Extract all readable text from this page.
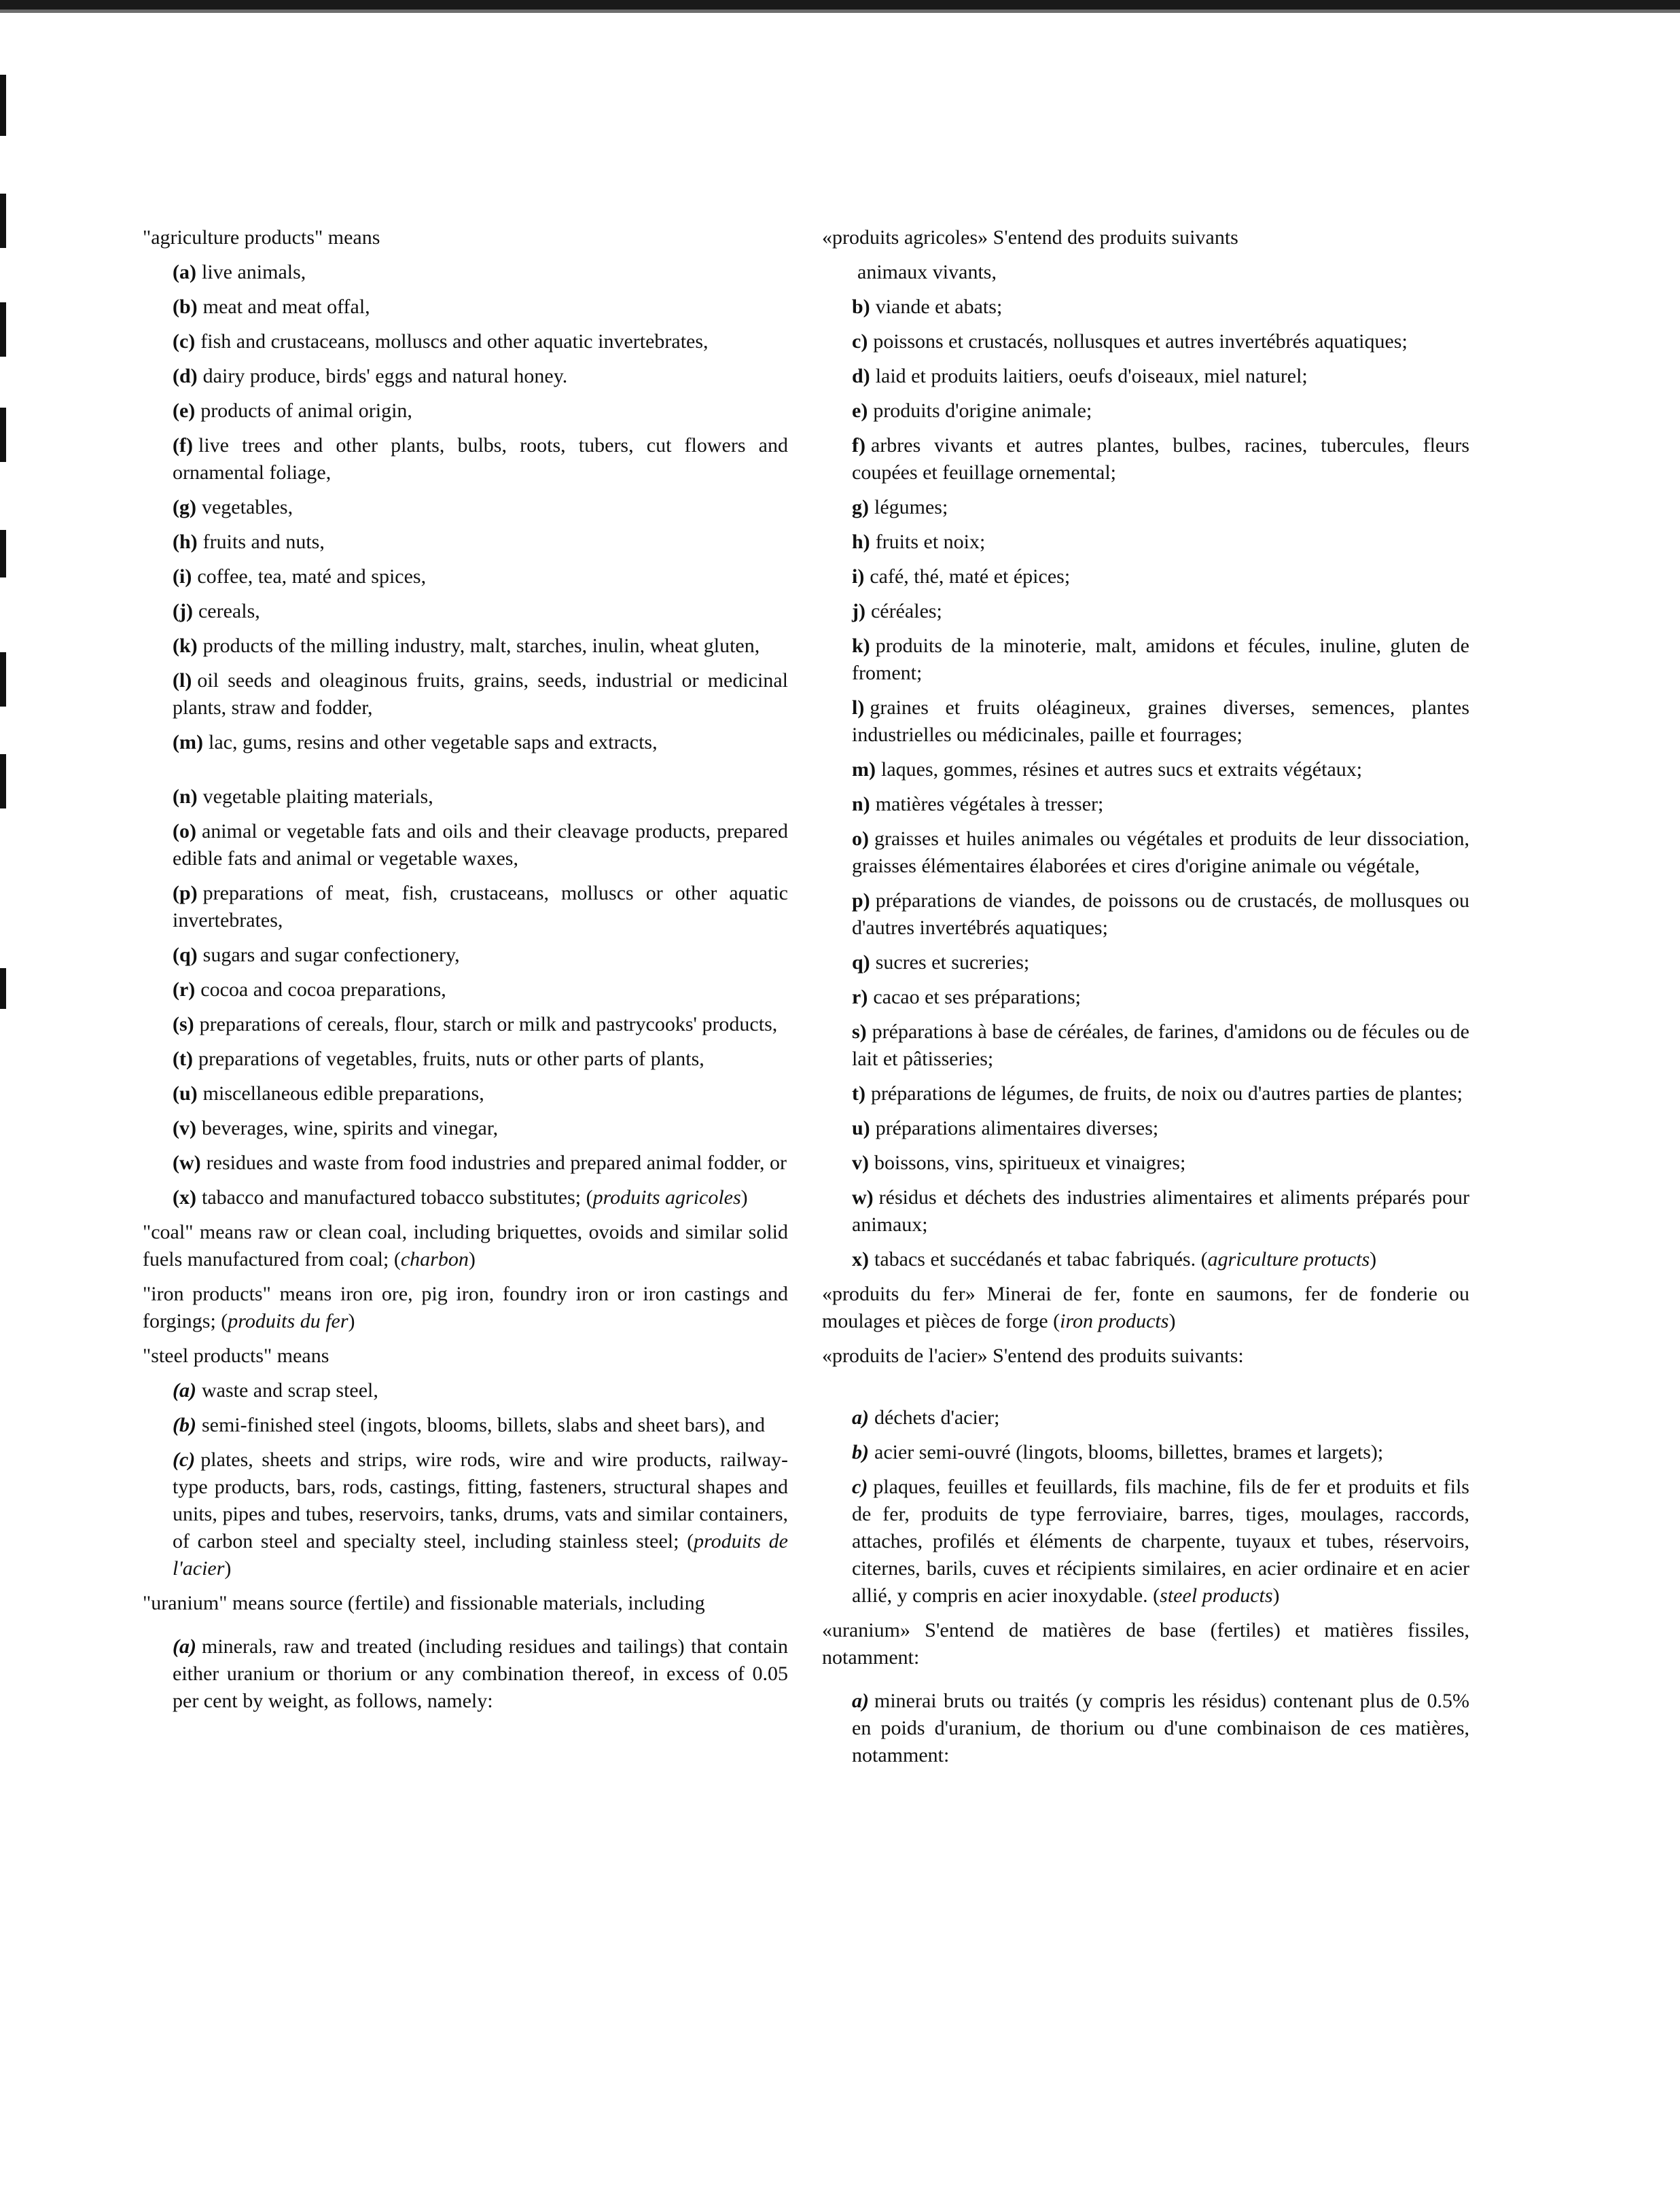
"agriculture products" means

(a) live animals,

(b) meat and meat offal,

(c) fish and crustaceans, molluscs and other aquatic invertebrates,

(d) dairy produce, birds' eggs and natural honey.

(e) products of animal origin,

(f) live trees and other plants, bulbs, roots, tubers, cut flowers and ornamental foliage,

(g) vegetables,

(h) fruits and nuts,

(i) coffee, tea, maté and spices,

(j) cereals,

(k) products of the milling industry, malt, starches, inulin, wheat gluten,

(l) oil seeds and oleaginous fruits, grains, seeds, industrial or medicinal plants, straw and fodder,

(m) lac, gums, resins and other vegetable saps and extracts,

(n) vegetable plaiting materials,

(o) animal or vegetable fats and oils and their cleavage products, prepared edible fats and animal or vegetable waxes,

(p) preparations of meat, fish, crustaceans, molluscs or other aquatic invertebrates,

(q) sugars and sugar confectionery,

(r) cocoa and cocoa preparations,

(s) preparations of cereals, flour, starch or milk and pastrycooks' products,

(t) preparations of vegetables, fruits, nuts or other parts of plants,

(u) miscellaneous edible preparations,

(v) beverages, wine, spirits and vinegar,

(w) residues and waste from food industries and prepared animal fodder, or

(x) tabacco and manufactured tobacco substitutes; (produits agricoles)

"coal" means raw or clean coal, including briquettes, ovoids and similar solid fuels manufactured from coal; (charbon)

"iron products" means iron ore, pig iron, foundry iron or iron castings and forgings; (produits du fer)

"steel products" means

(a) waste and scrap steel,

(b) semi-finished steel (ingots, blooms, billets, slabs and sheet bars), and

(c) plates, sheets and strips, wire rods, wire and wire products, railway-type products, bars, rods, castings, fitting, fasteners, structural shapes and units, pipes and tubes, reservoirs, tanks, drums, vats and similar containers, of carbon steel and specialty steel, including stainless steel; (produits de l'acier)

"uranium" means source (fertile) and fissionable materials, including

(a) minerals, raw and treated (including residues and tailings) that contain either uranium or thorium or any combination thereof, in excess of 0.05 per cent by weight, as follows, namely:

«produits agricoles» S'entend des produits suivants

animaux vivants,

b) viande et abats;

c) poissons et crustacés, nollusques et autres invertébrés aquatiques;

d) laid et produits laitiers, oeufs d'oiseaux, miel naturel;

e) produits d'origine animale;

f) arbres vivants et autres plantes, bulbes, racines, tubercules, fleurs coupées et feuillage ornemental;

g) légumes;

h) fruits et noix;

i) café, thé, maté et épices;

j) céréales;

k) produits de la minoterie, malt, amidons et fécules, inuline, gluten de froment;

l) graines et fruits oléagineux, graines diverses, semences, plantes industrielles ou médicinales, paille et fourrages;

m) laques, gommes, résines et autres sucs et extraits végétaux;

n) matières végétales à tresser;

o) graisses et huiles animales ou végétales et produits de leur dissociation, graisses élémentaires élaborées et cires d'origine animale ou végétale,

p) préparations de viandes, de poissons ou de crustacés, de mollusques ou d'autres invertébrés aquatiques;

q) sucres et sucreries;

r) cacao et ses préparations;

s) préparations à base de céréales, de farines, d'amidons ou de fécules ou de lait et pâtisseries;

t) préparations de légumes, de fruits, de noix ou d'autres parties de plantes;

u) préparations alimentaires diverses;

v) boissons, vins, spiritueux et vinaigres;

w) résidus et déchets des industries alimentaires et aliments préparés pour animaux;

x) tabacs et succédanés et tabac fabriqués. (agriculture protucts)

«produits du fer» Minerai de fer, fonte en saumons, fer de fonderie ou moulages et pièces de forge (iron products)

«produits de l'acier» S'entend des produits suivants:

a) déchets d'acier;

b) acier semi-ouvré (lingots, blooms, billettes, brames et largets);

c) plaques, feuilles et feuillards, fils machine, fils de fer et produits et fils de fer, produits de type ferroviaire, barres, tiges, moulages, raccords, attaches, profilés et éléments de charpente, tuyaux et tubes, réservoirs, citernes, barils, cuves et récipients similaires, en acier ordinaire et en acier allié, y compris en acier inoxydable. (steel products)

«uranium» S'entend de matières de base (fertiles) et matières fissiles, notamment:

a) minerai bruts ou traités (y compris les résidus) contenant plus de 0.5% en poids d'uranium, de thorium ou d'une combinaison de ces matières, notamment:
